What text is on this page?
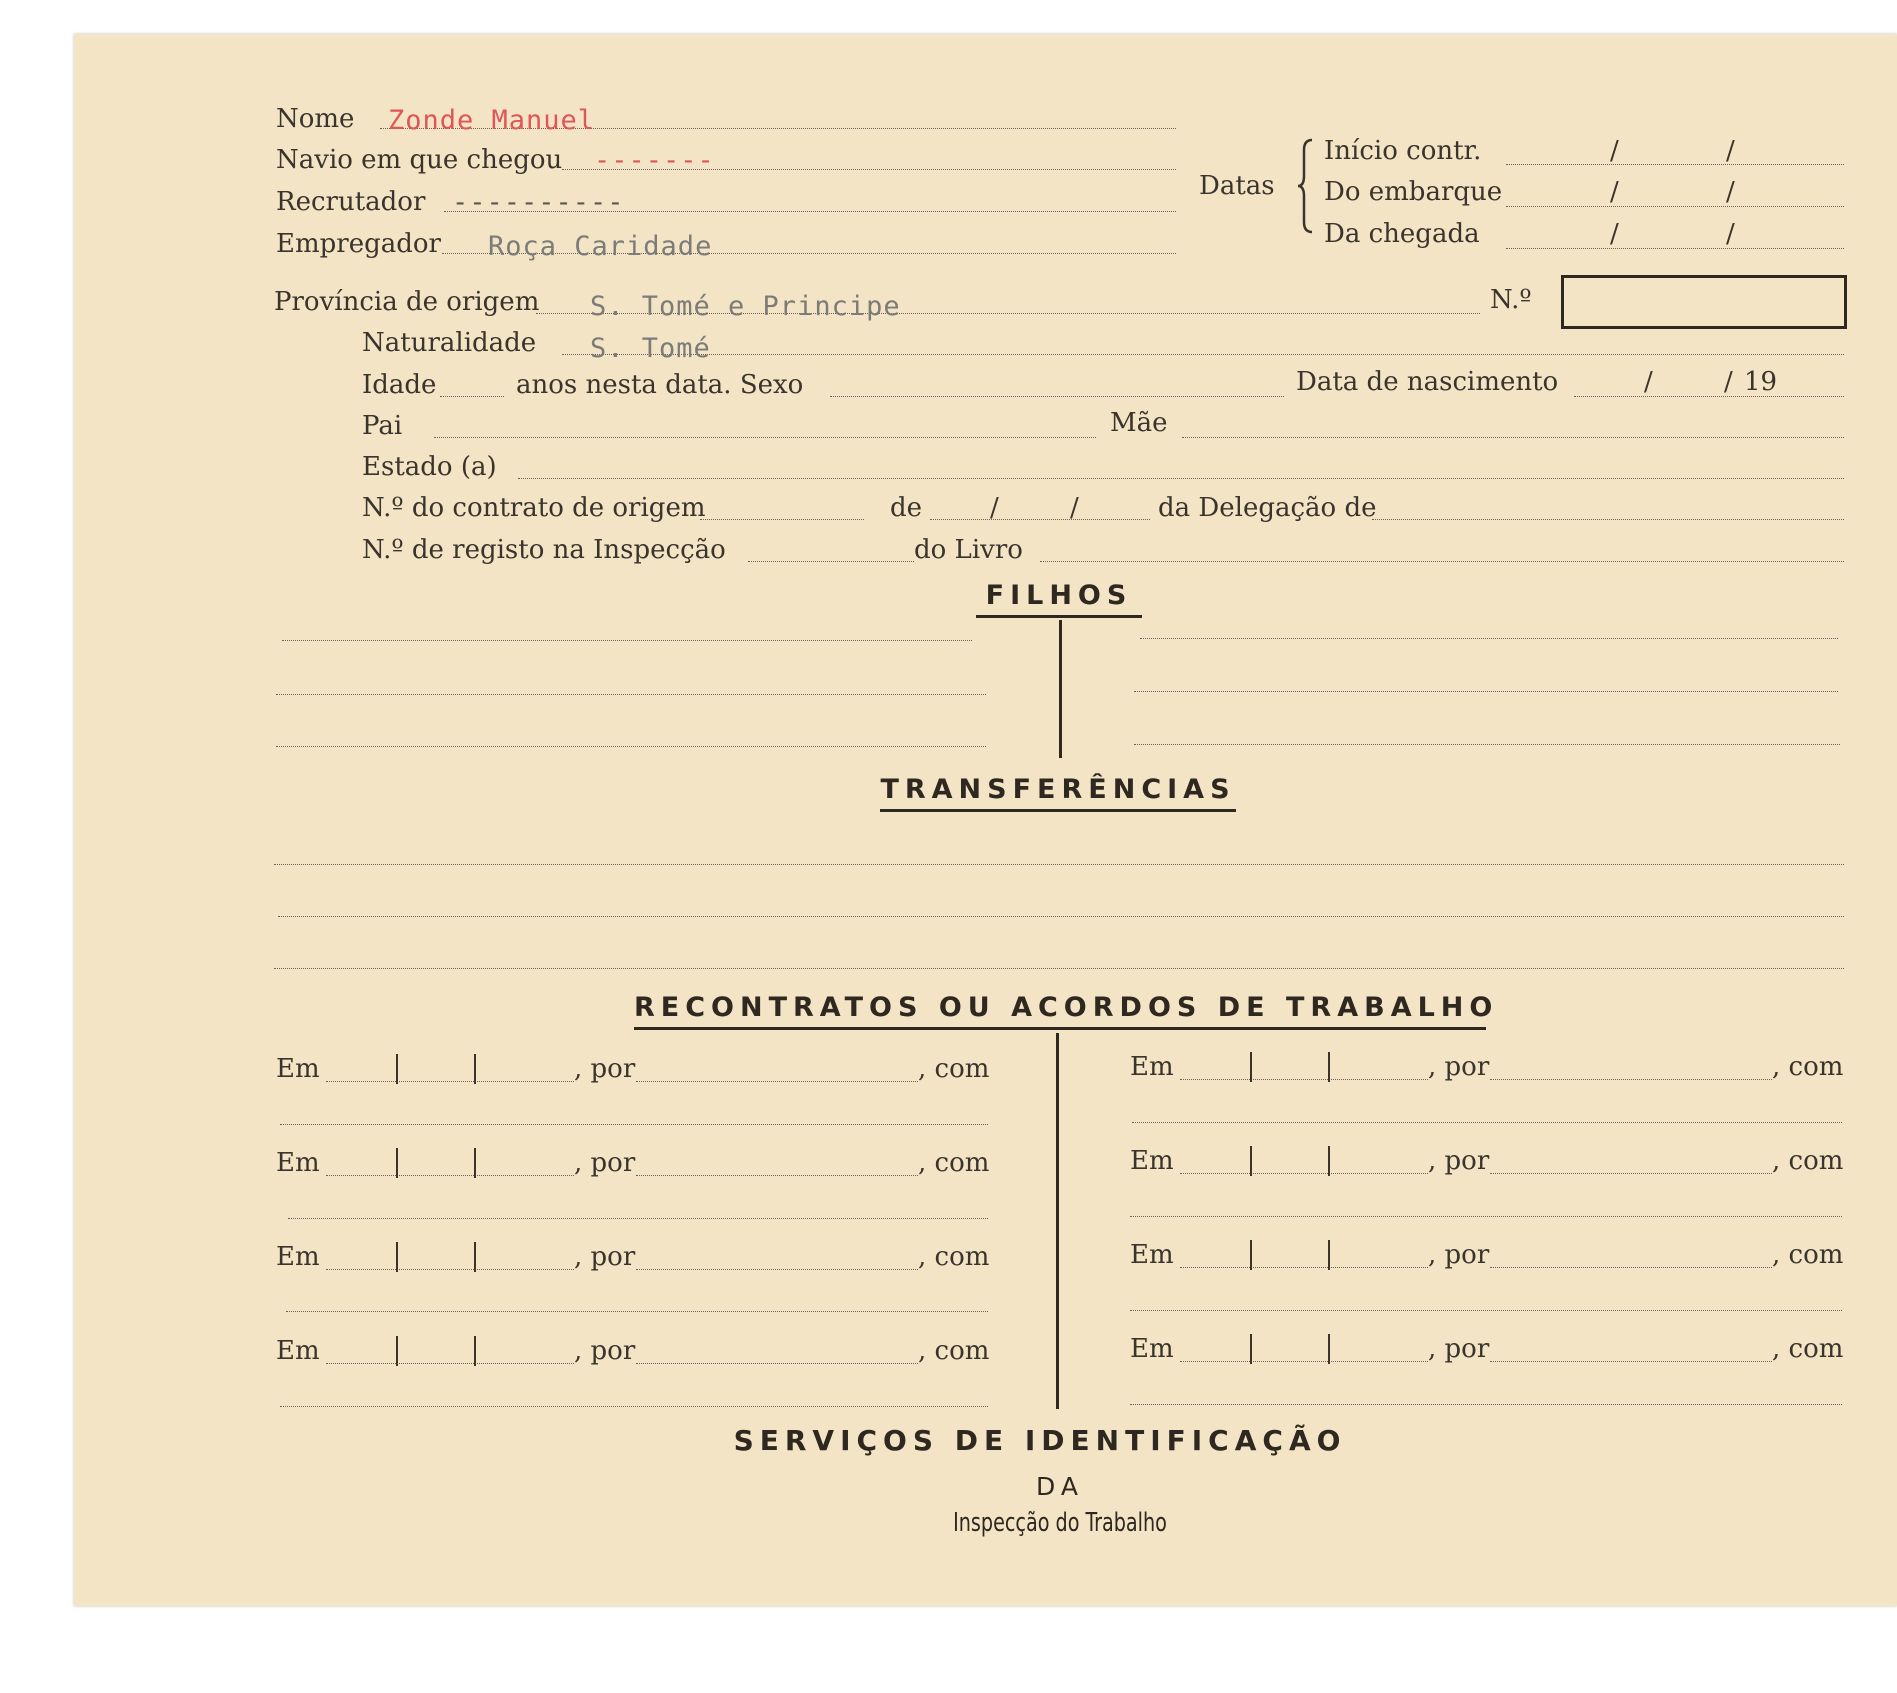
Nome Zonde Manuel
Navio em que chegou -------
Recrutador ----------
Empregador Roça Caridade
Datas
Início contr.	/	/
Do embarque	/	/
Da chegada	/	/
Província de origem S. Tomé e Principe	N.º
Naturalidade S. Tomé
Idade	anos nesta data. Sexo	Data de nascimento	/	/ 19
Pai	Mãe
Estado (a)
N.º do contrato de origem	de	/	/	da Delegação de
N.º de registo na Inspecção	do Livro
FILHOS
TRANSFERÊNCIAS
RECONTRATOS OU ACORDOS DE TRABALHO
Em	, por	, com
Em	, por	, com
Em	, por	, com
Em	, por	, com
Em	, por	, com
Em	, por	, com
Em	, por	, com
Em	, por	, com
SERVIÇOS DE IDENTIFICAÇÃO
DA
Inspecção do Trabalho
